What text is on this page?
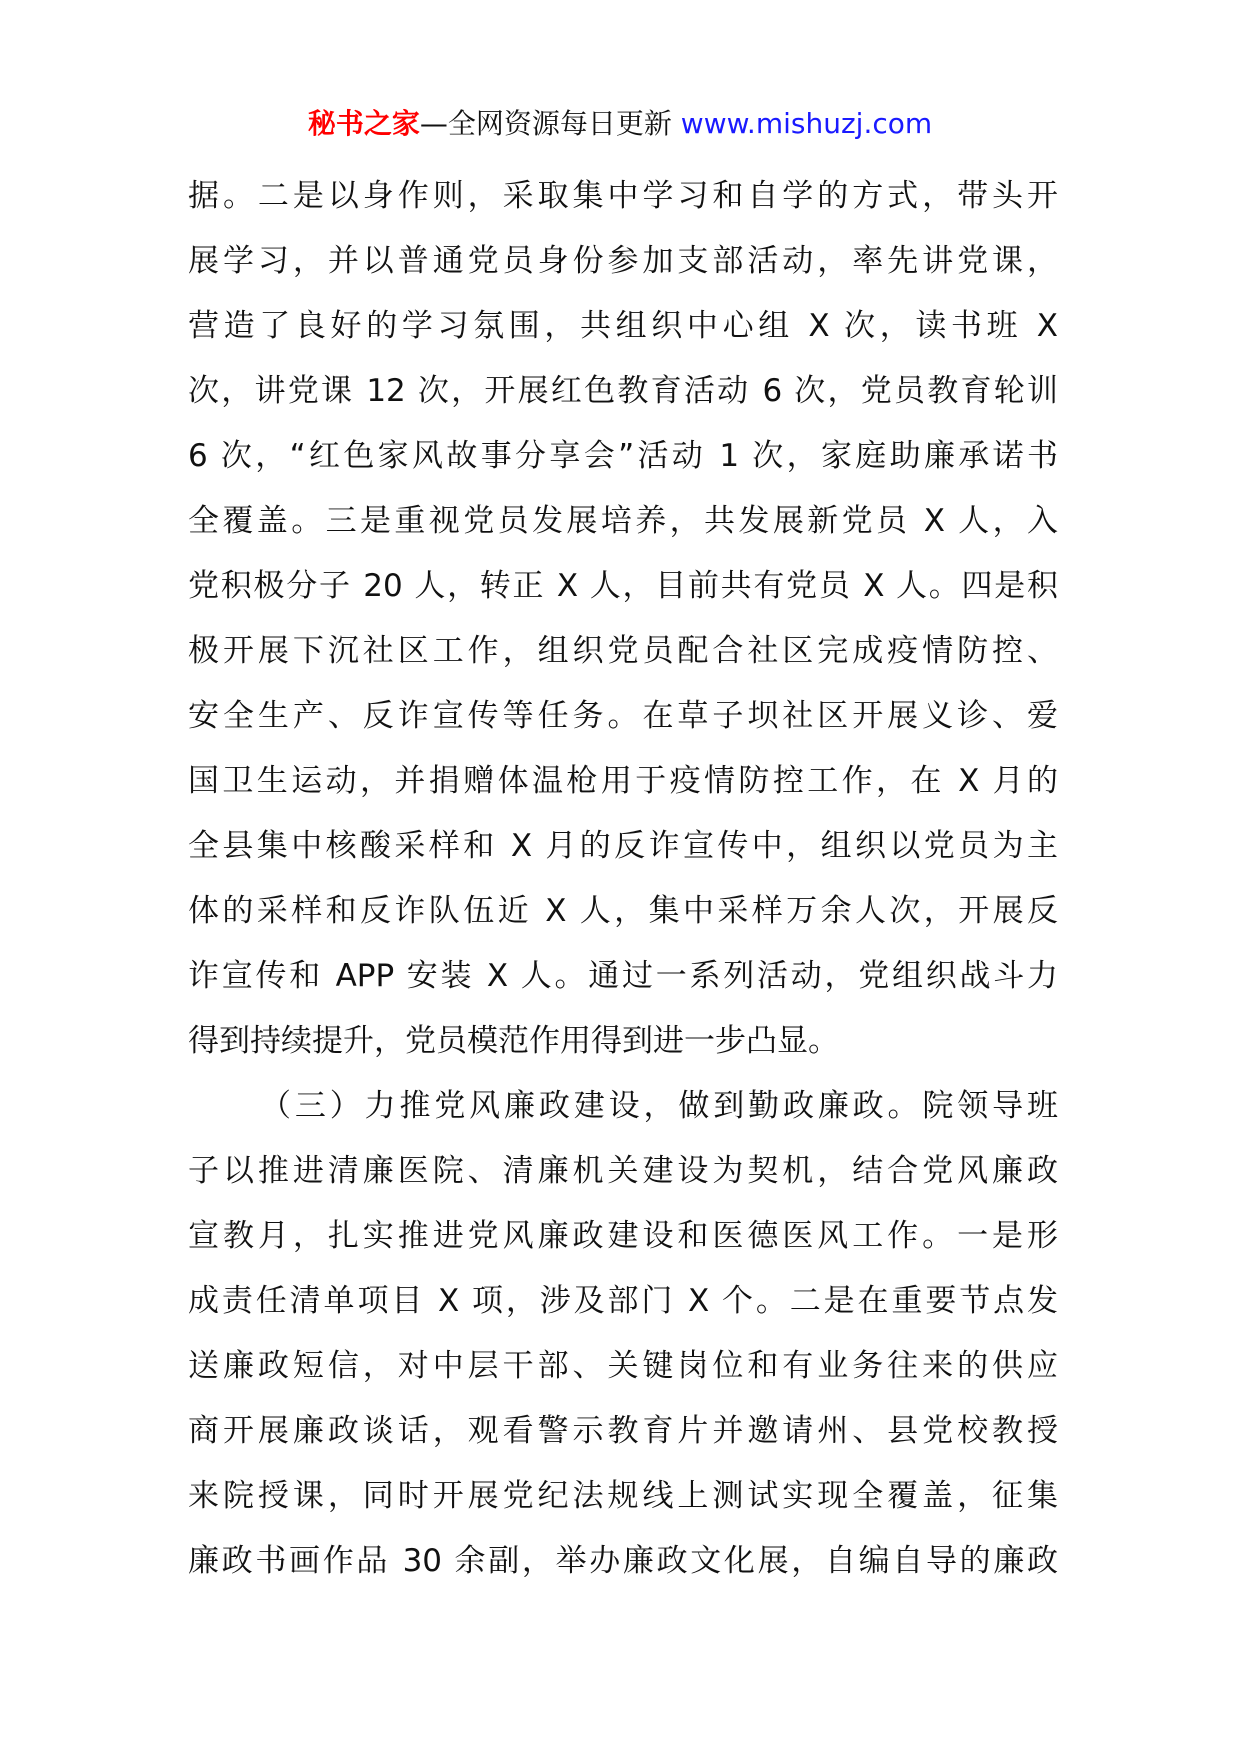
秘书之家—全网资源每日更新 www.mishuzj.com
据。二是以身作则，采取集中学习和自学的方式，带头开
展学习，并以普通党员身份参加支部活动，率先讲党课，
营造了良好的学习氛围，共组织中心组 X 次，读书班 X
次，讲党课 12 次，开展红色教育活动 6 次，党员教育轮训
6 次，“红色家风故事分享会”活动 1 次，家庭助廉承诺书
全覆盖。三是重视党员发展培养，共发展新党员 X 人，入
党积极分子 20 人，转正 X 人，目前共有党员 X 人。四是积
极开展下沉社区工作，组织党员配合社区完成疫情防控、
安全生产、反诈宣传等任务。在草子坝社区开展义诊、爱
国卫生运动，并捐赠体温枪用于疫情防控工作，在 X 月的
全县集中核酸采样和 X 月的反诈宣传中，组织以党员为主
体的采样和反诈队伍近 X 人，集中采样万余人次，开展反
诈宣传和 APP 安装 X 人。通过一系列活动，党组织战斗力
得到持续提升，党员模范作用得到进一步凸显。
（三）力推党风廉政建设，做到勤政廉政。院领导班
子以推进清廉医院、清廉机关建设为契机，结合党风廉政
宣教月，扎实推进党风廉政建设和医德医风工作。一是形
成责任清单项目 X 项，涉及部门 X 个。二是在重要节点发
送廉政短信，对中层干部、关键岗位和有业务往来的供应
商开展廉政谈话，观看警示教育片并邀请州、县党校教授
来院授课，同时开展党纪法规线上测试实现全覆盖，征集
廉政书画作品 30 余副，举办廉政文化展，自编自导的廉政
